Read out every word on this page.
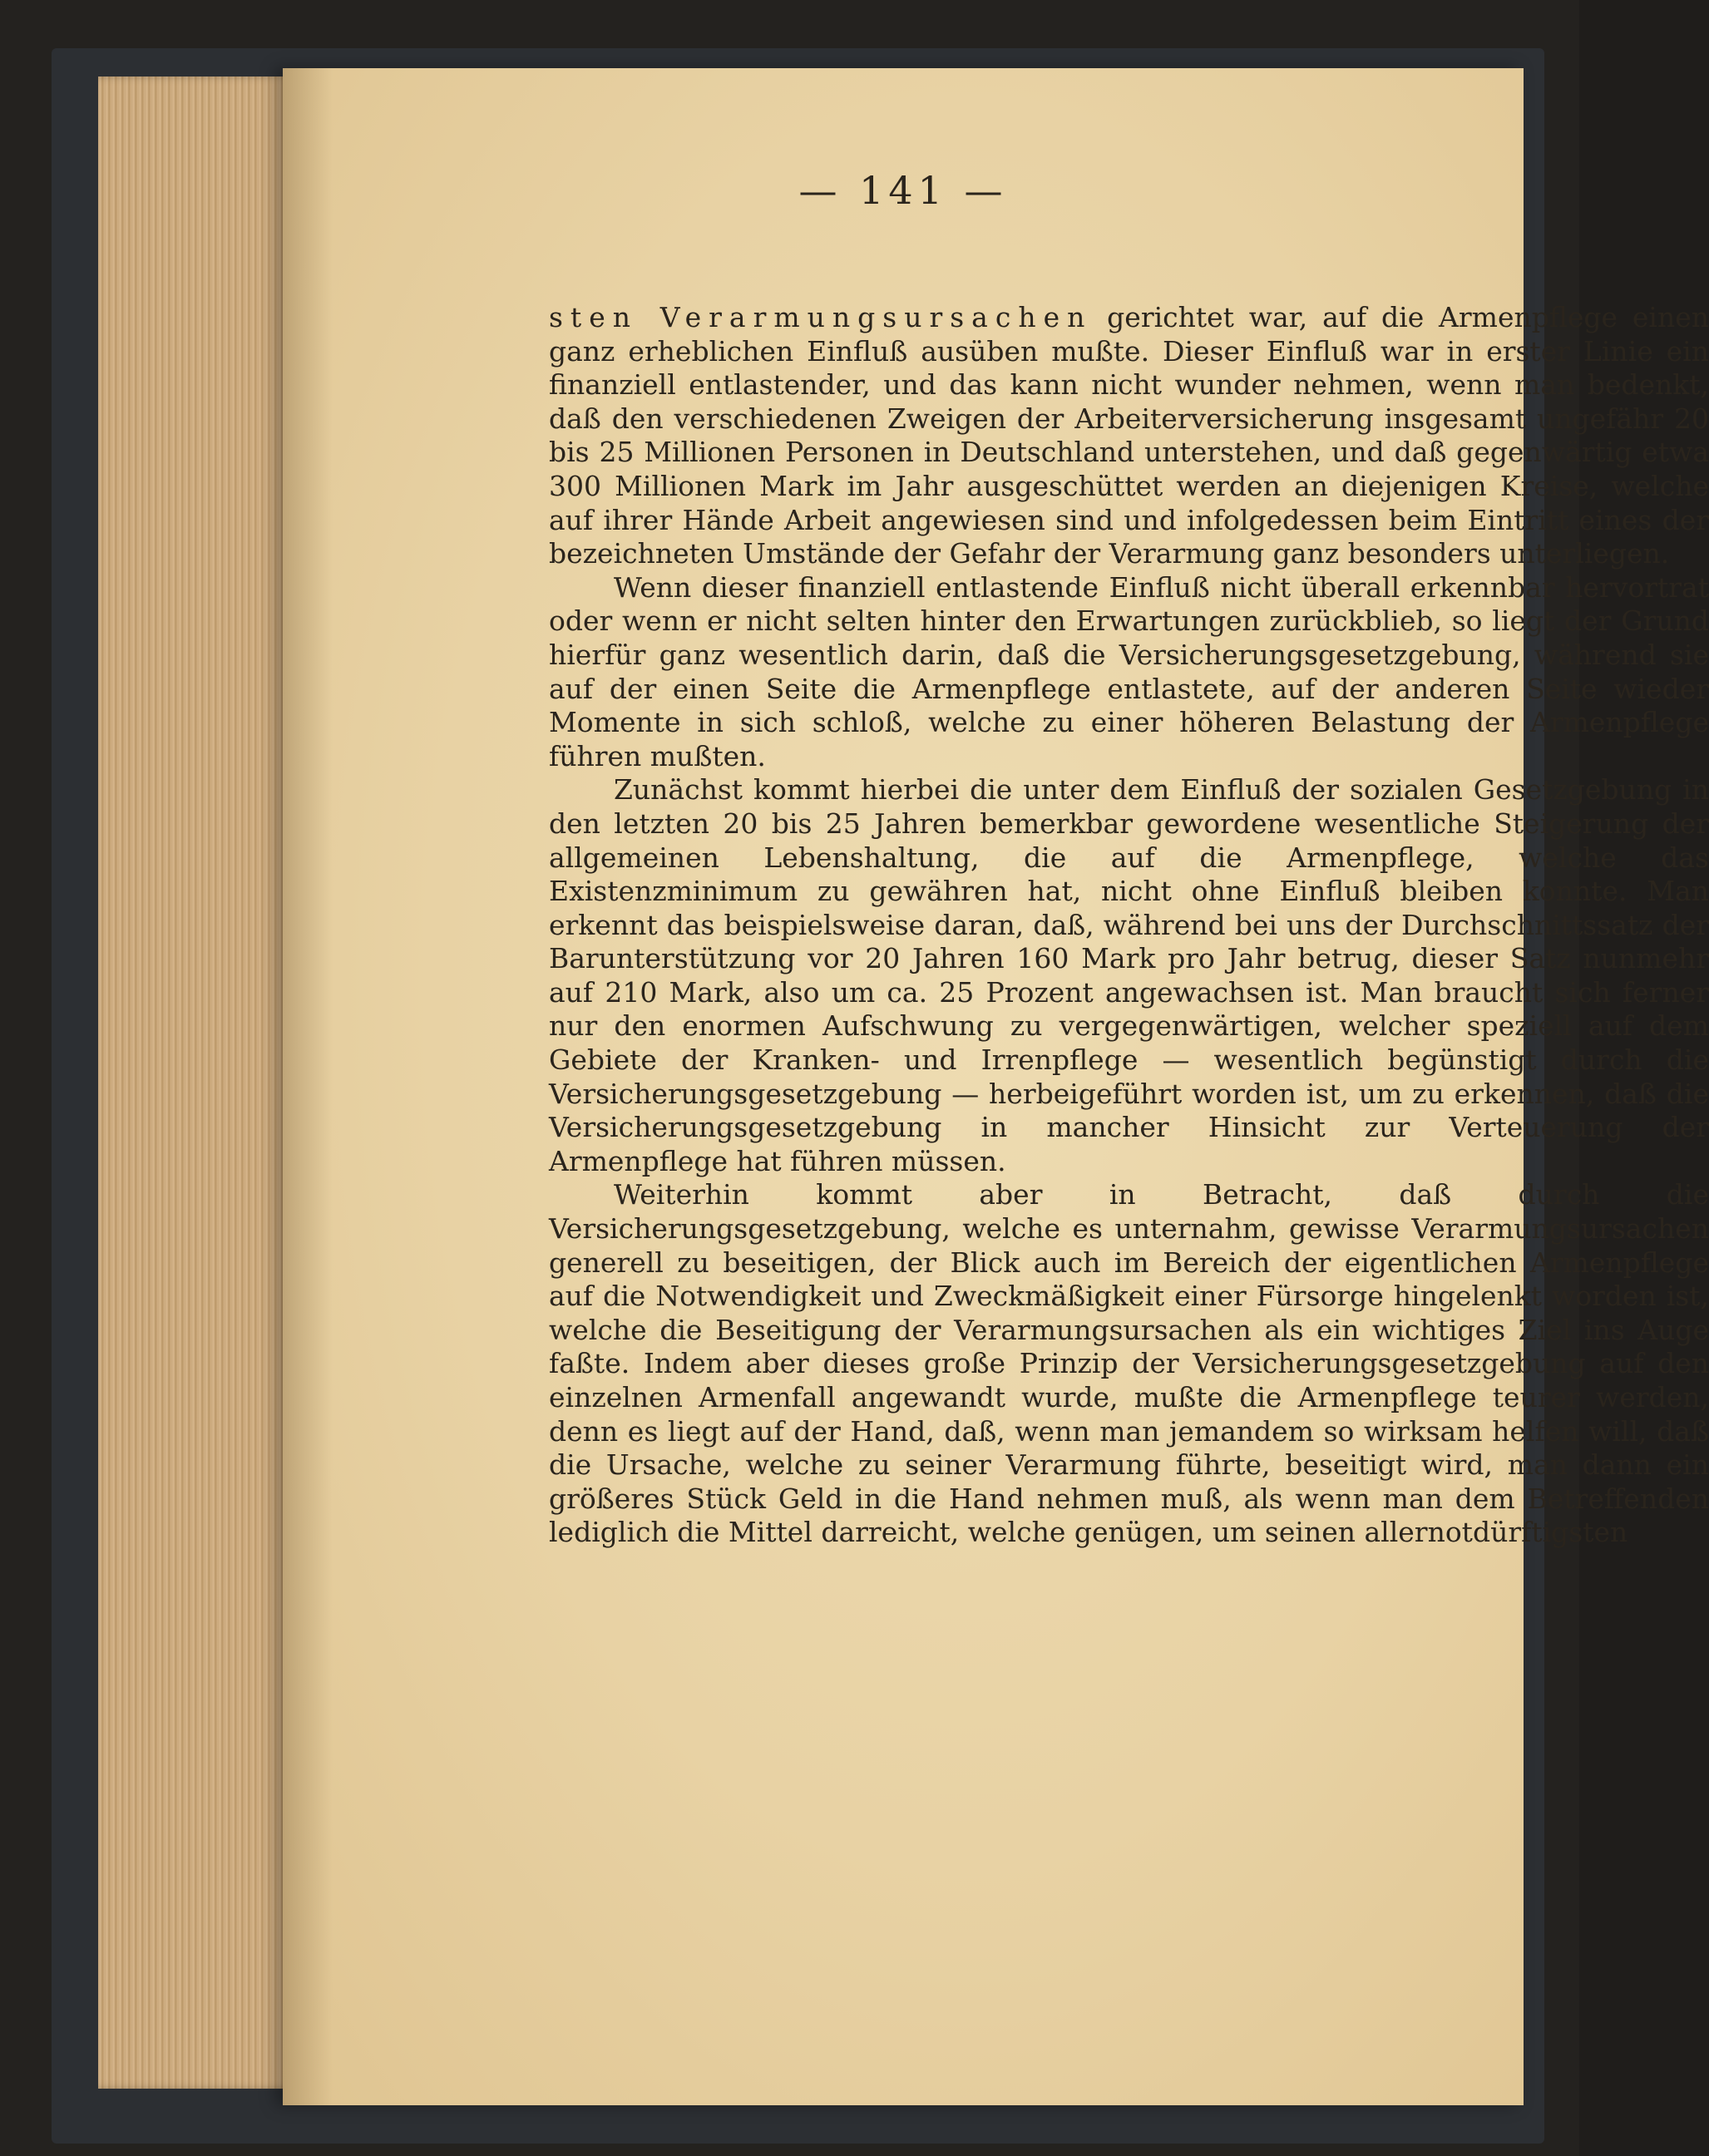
— 141 —

sten Verarmungsursachen gerichtet war, auf die Armenpflege einen ganz erheblichen Einfluß ausüben mußte. Dieser Einfluß war in erster Linie ein finanziell entlastender, und das kann nicht wunder nehmen, wenn man bedenkt, daß den verschiedenen Zweigen der Arbeiterversicherung insgesamt ungefähr 20 bis 25 Millionen Personen in Deutschland unterstehen, und daß gegenwärtig etwa 300 Millionen Mark im Jahr ausgeschüttet werden an diejenigen Kreise, welche auf ihrer Hände Arbeit angewiesen sind und infolgedessen beim Eintritt eines der bezeichneten Umstände der Gefahr der Verarmung ganz besonders unterliegen.

Wenn dieser finanziell entlastende Einfluß nicht überall erkennbar hervortrat oder wenn er nicht selten hinter den Erwartungen zurückblieb, so liegt der Grund hierfür ganz wesentlich darin, daß die Versicherungsgesetzgebung, während sie auf der einen Seite die Armenpflege entlastete, auf der anderen Seite wieder Momente in sich schloß, welche zu einer höheren Belastung der Armenpflege führen mußten.

Zunächst kommt hierbei die unter dem Einfluß der sozialen Gesetzgebung in den letzten 20 bis 25 Jahren bemerkbar gewordene wesentliche Steigerung der allgemeinen Lebenshaltung, die auf die Armenpflege, welche das Existenzminimum zu gewähren hat, nicht ohne Einfluß bleiben konnte. Man erkennt das beispielsweise daran, daß, während bei uns der Durchschnittssatz der Barunterstützung vor 20 Jahren 160 Mark pro Jahr betrug, dieser Satz nunmehr auf 210 Mark, also um ca. 25 Prozent angewachsen ist. Man braucht sich ferner nur den enormen Aufschwung zu vergegenwärtigen, welcher speziell auf dem Gebiete der Kranken- und Irrenpflege — wesentlich begünstigt durch die Versicherungsgesetzgebung — herbeigeführt worden ist, um zu erkennen, daß die Versicherungsgesetzgebung in mancher Hinsicht zur Verteuerung der Armenpflege hat führen müssen.

Weiterhin kommt aber in Betracht, daß durch die Versicherungsgesetzgebung, welche es unternahm, gewisse Verarmungsursachen generell zu beseitigen, der Blick auch im Bereich der eigentlichen Armenpflege auf die Notwendigkeit und Zweckmäßigkeit einer Fürsorge hingelenkt worden ist, welche die Beseitigung der Verarmungsursachen als ein wichtiges Ziel ins Auge faßte. Indem aber dieses große Prinzip der Versicherungsgesetzgebung auf den einzelnen Armenfall angewandt wurde, mußte die Armenpflege teurer werden, denn es liegt auf der Hand, daß, wenn man jemandem so wirksam helfen will, daß die Ursache, welche zu seiner Verarmung führte, beseitigt wird, man dann ein größeres Stück Geld in die Hand nehmen muß, als wenn man dem Betreffenden lediglich die Mittel darreicht, welche genügen, um seinen allernotdürftigsten
